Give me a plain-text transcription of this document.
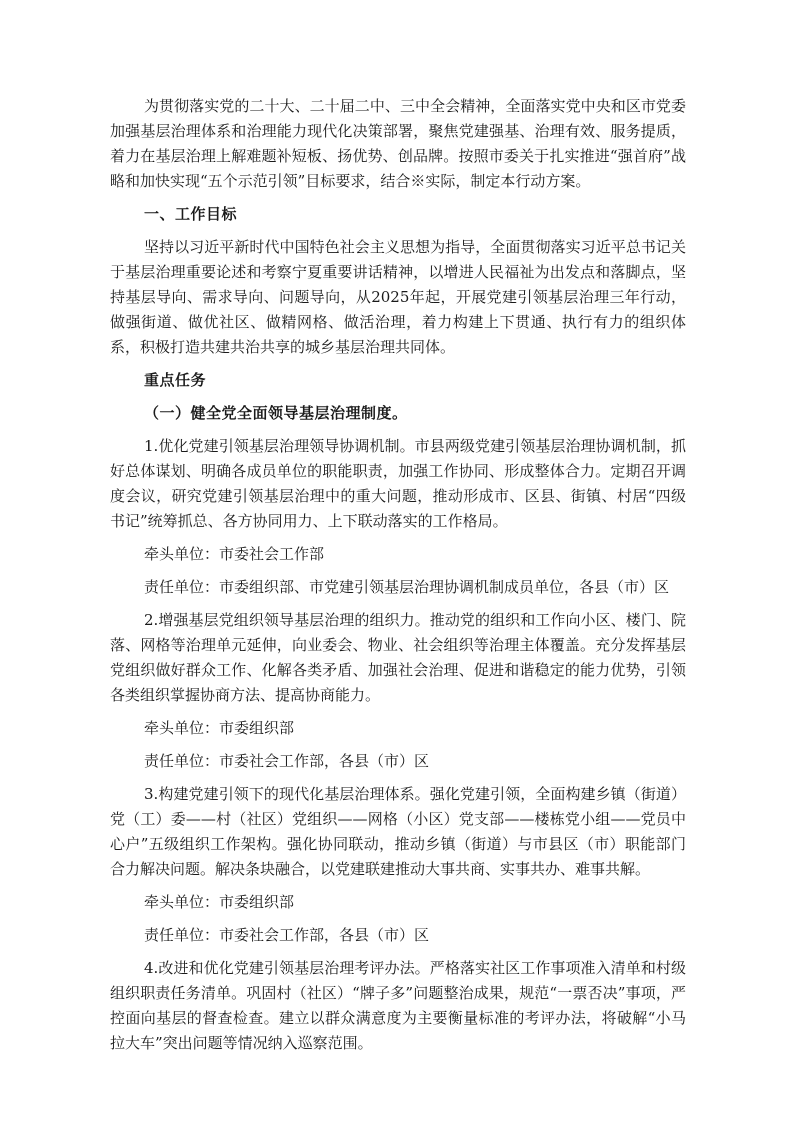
为贯彻落实党的二十大、二十届二中、三中全会精神，全面落实党中央和区市党委加强基层治理体系和治理能力现代化决策部署，聚焦党建强基、治理有效、服务提质，着力在基层治理上解难题补短板、扬优势、创品牌。按照市委关于扎实推进“强首府”战略和加快实现“五个示范引领”目标要求，结合※实际，制定本行动方案。

一、工作目标

坚持以习近平新时代中国特色社会主义思想为指导，全面贯彻落实习近平总书记关于基层治理重要论述和考察宁夏重要讲话精神，以增进人民福祉为出发点和落脚点，坚持基层导向、需求导向、问题导向，从2025年起，开展党建引领基层治理三年行动，做强街道、做优社区、做精网格、做活治理，着力构建上下贯通、执行有力的组织体系，积极打造共建共治共享的城乡基层治理共同体。

重点任务

（一）健全党全面领导基层治理制度。

1.优化党建引领基层治理领导协调机制。市县两级党建引领基层治理协调机制，抓好总体谋划、明确各成员单位的职能职责，加强工作协同、形成整体合力。定期召开调度会议，研究党建引领基层治理中的重大问题，推动形成市、区县、街镇、村居“四级书记”统筹抓总、各方协同用力、上下联动落实的工作格局。

牵头单位：市委社会工作部

责任单位：市委组织部、市党建引领基层治理协调机制成员单位，各县（市）区

2.增强基层党组织领导基层治理的组织力。推动党的组织和工作向小区、楼门、院落、网格等治理单元延伸，向业委会、物业、社会组织等治理主体覆盖。充分发挥基层党组织做好群众工作、化解各类矛盾、加强社会治理、促进和谐稳定的能力优势，引领各类组织掌握协商方法、提高协商能力。

牵头单位：市委组织部

责任单位：市委社会工作部，各县（市）区

3.构建党建引领下的现代化基层治理体系。强化党建引领，全面构建乡镇（街道）党（工）委——村（社区）党组织——网格（小区）党支部——楼栋党小组——党员中心户”五级组织工作架构。强化协同联动，推动乡镇（街道）与市县区（市）职能部门合力解决问题。解决条块融合，以党建联建推动大事共商、实事共办、难事共解。

牵头单位：市委组织部

责任单位：市委社会工作部，各县（市）区

4.改进和优化党建引领基层治理考评办法。严格落实社区工作事项准入清单和村级组织职责任务清单。巩固村（社区）“牌子多”问题整治成果，规范“一票否决”事项，严控面向基层的督查检查。建立以群众满意度为主要衡量标准的考评办法，将破解“小马拉大车”突出问题等情况纳入巡察范围。
